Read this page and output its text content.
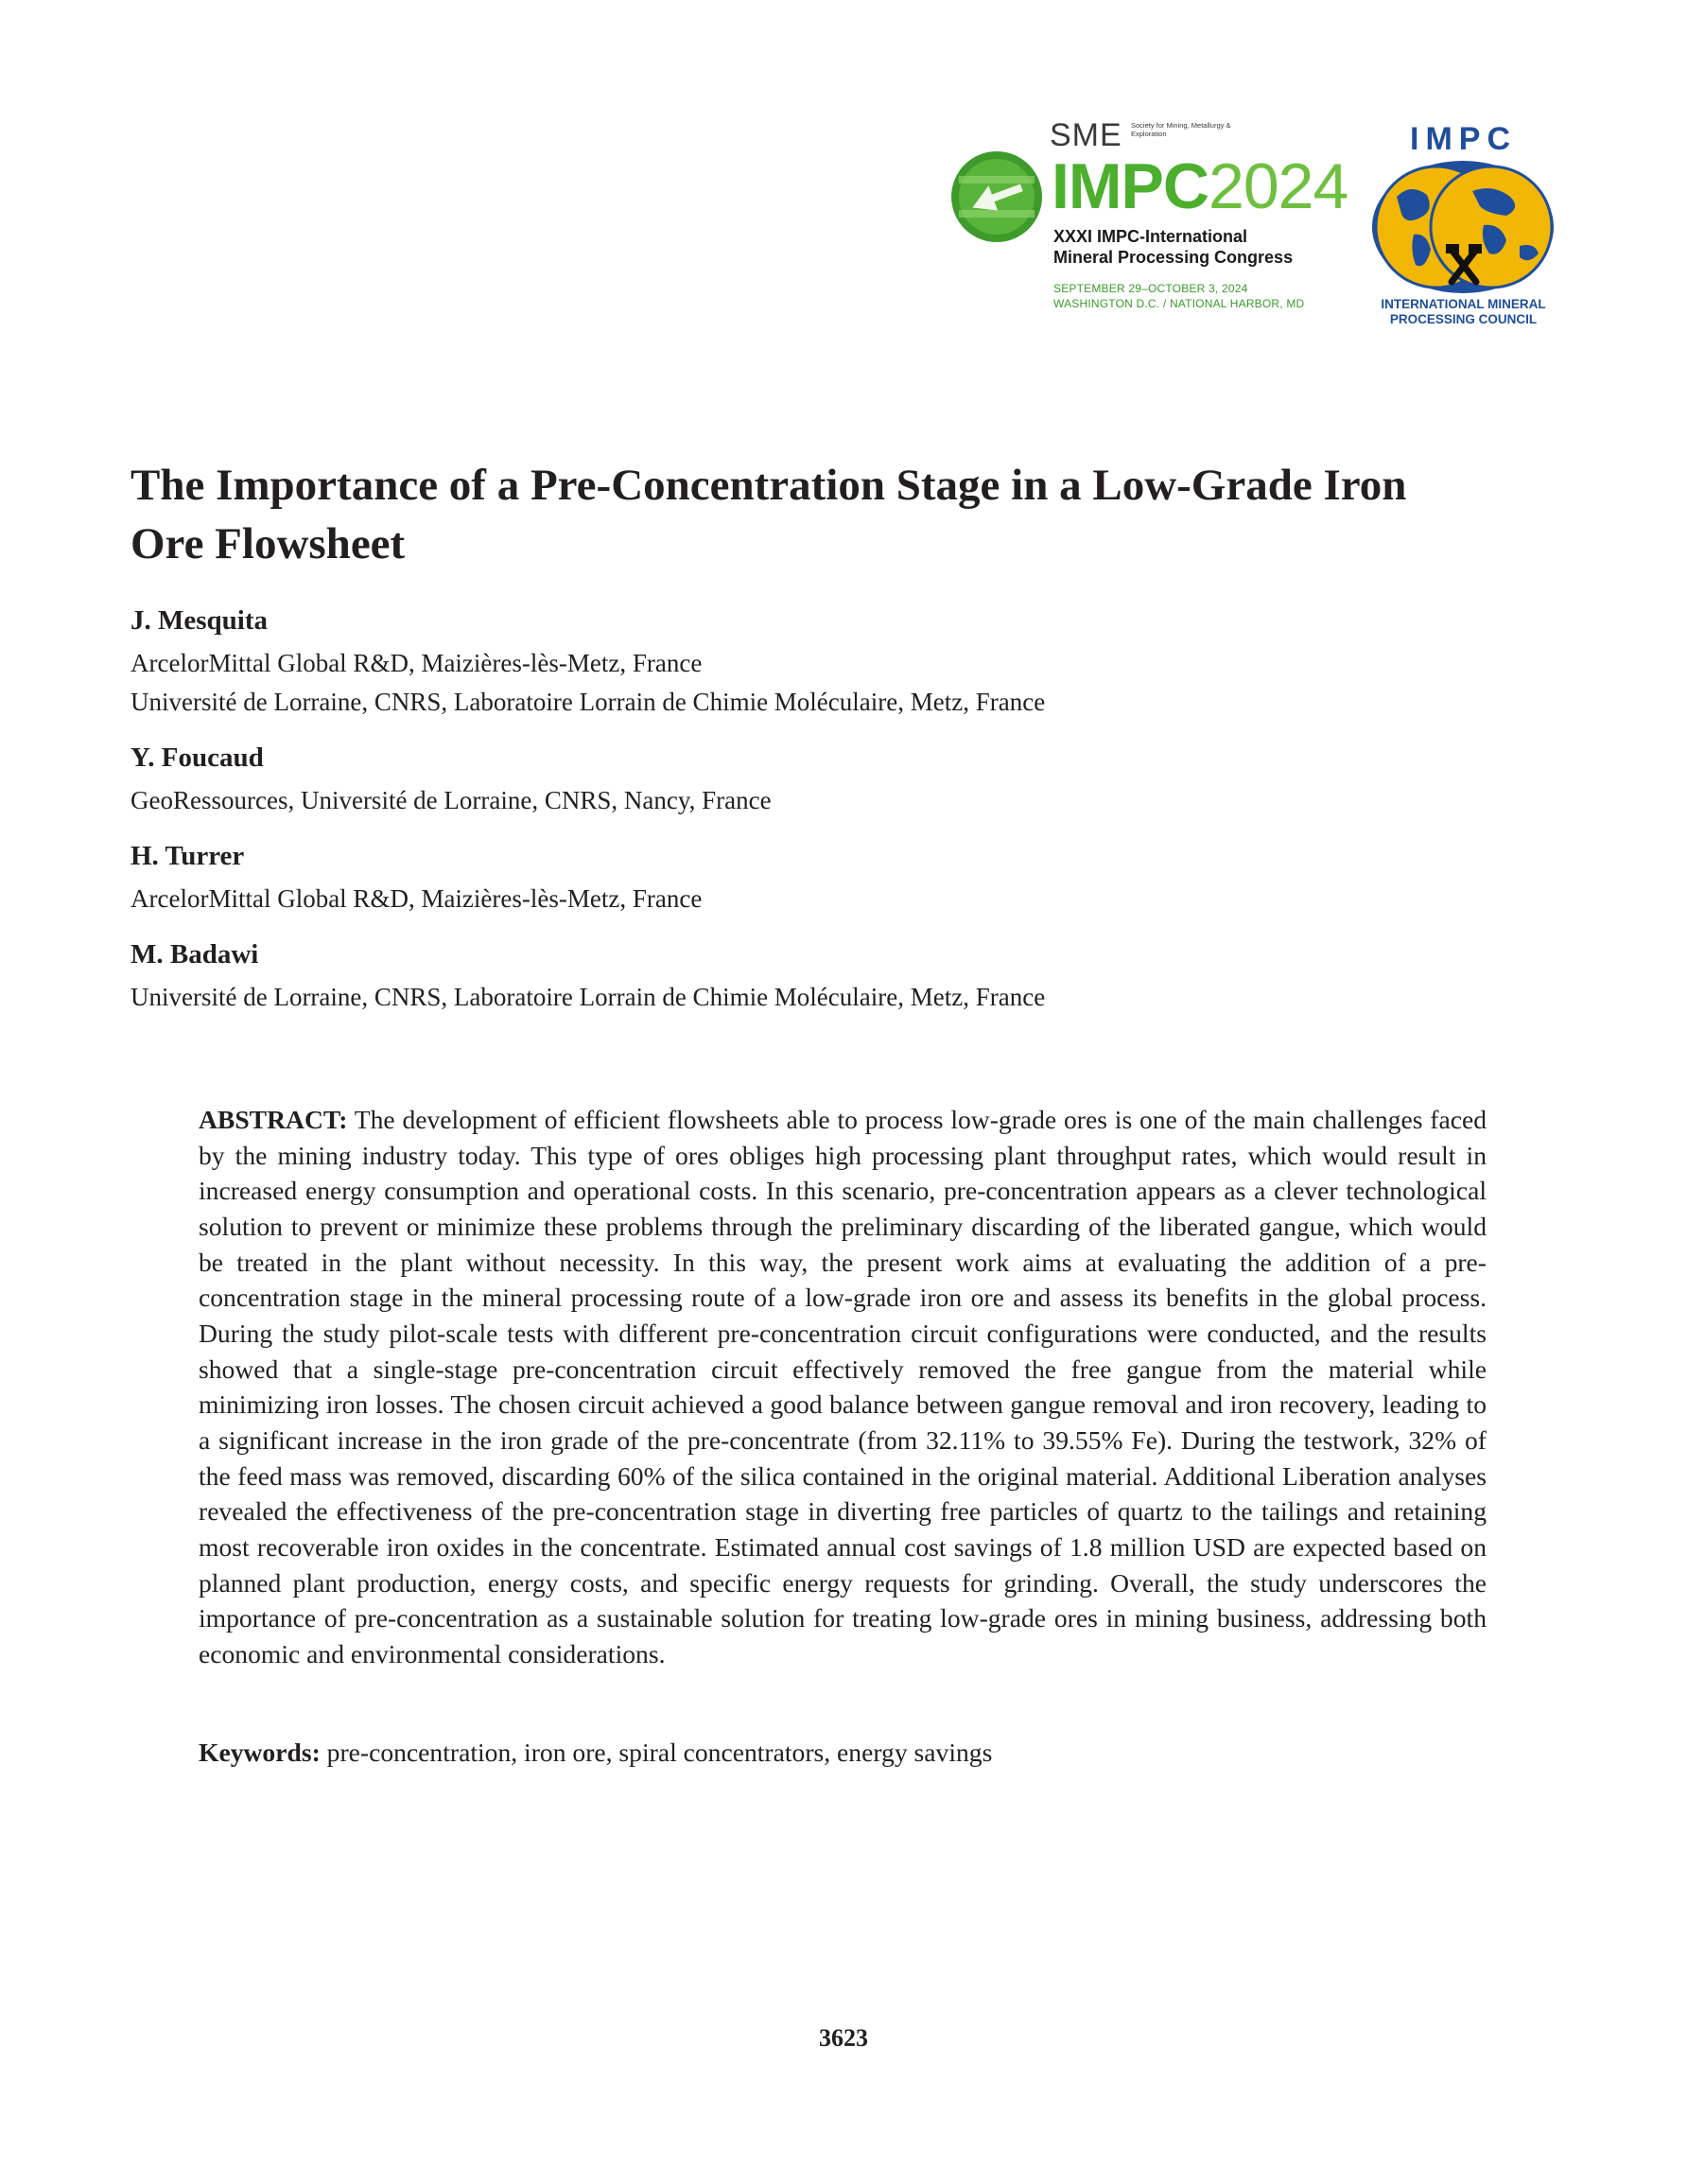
SME Society for Mining, Metallurgy & Exploration
IMPC2024
XXXI IMPC-International
Mineral Processing Congress
SEPTEMBER 29–OCTOBER 3, 2024
WASHINGTON D.C. / NATIONAL HARBOR, MD
IMPC
INTERNATIONAL MINERAL
PROCESSING COUNCIL
The Importance of a Pre-Concentration Stage in a Low-Grade Iron Ore Flowsheet
J. Mesquita
ArcelorMittal Global R&D, Maizières-lès-Metz, France
Université de Lorraine, CNRS, Laboratoire Lorrain de Chimie Moléculaire, Metz, France
Y. Foucaud
GeoRessources, Université de Lorraine, CNRS, Nancy, France
H. Turrer
ArcelorMittal Global R&D, Maizières-lès-Metz, France
M. Badawi
Université de Lorraine, CNRS, Laboratoire Lorrain de Chimie Moléculaire, Metz, France

ABSTRACT: The development of efficient flowsheets able to process low-grade ores is one of the main challenges faced by the mining industry today. This type of ores obliges high processing plant throughput rates, which would result in increased energy consumption and operational costs. In this scenario, pre-concentration appears as a clever technological solution to prevent or minimize these problems through the preliminary discarding of the liberated gangue, which would be treated in the plant without necessity. In this way, the present work aims at evaluating the addition of a pre-concentration stage in the mineral processing route of a low-grade iron ore and assess its benefits in the global process. During the study pilot-scale tests with different pre-concentration circuit configurations were conducted, and the results showed that a single-stage pre-concentration circuit effectively removed the free gangue from the material while minimizing iron losses. The chosen circuit achieved a good balance between gangue removal and iron recovery, leading to a significant increase in the iron grade of the pre-concentrate (from 32.11% to 39.55% Fe). During the testwork, 32% of the feed mass was removed, discarding 60% of the silica contained in the original material. Additional Liberation analyses revealed the effectiveness of the pre-concentration stage in diverting free particles of quartz to the tailings and retaining most recoverable iron oxides in the concentrate. Estimated annual cost savings of 1.8 million USD are expected based on planned plant production, energy costs, and specific energy requests for grinding. Overall, the study underscores the importance of pre-concentration as a sustainable solution for treating low-grade ores in mining business, addressing both economic and environmental considerations.

Keywords: pre-concentration, iron ore, spiral concentrators, energy savings
3623
